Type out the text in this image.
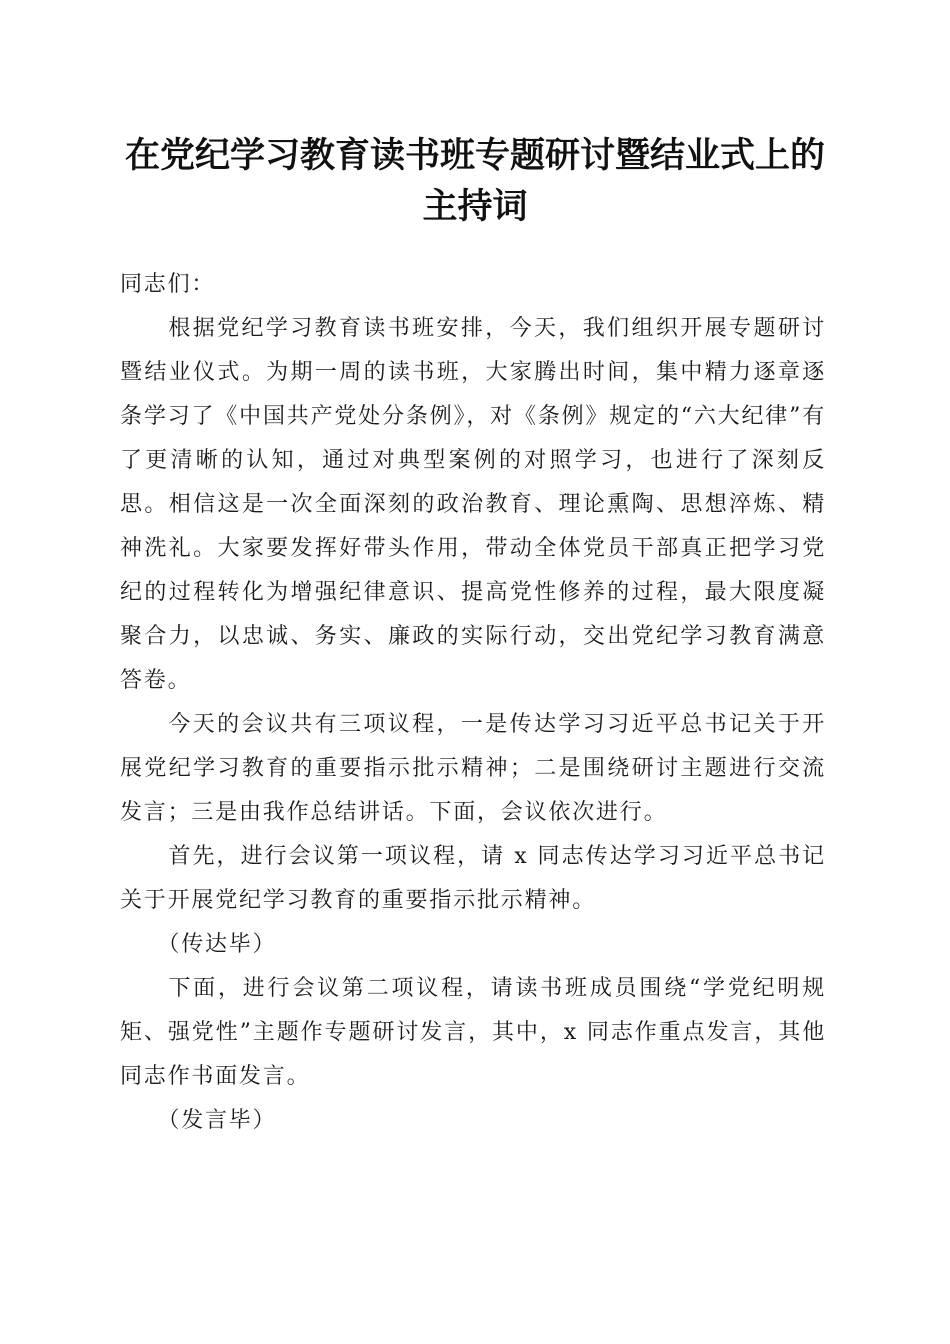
在党纪学习教育读书班专题研讨暨结业式上的
主持词

同志们：

根据党纪学习教育读书班安排，今天，我们组织开展专题研讨暨结业仪式。为期一周的读书班，大家腾出时间，集中精力逐章逐条学习了《中国共产党处分条例》，对《条例》规定的“六大纪律”有了更清晰的认知，通过对典型案例的对照学习，也进行了深刻反思。相信这是一次全面深刻的政治教育、理论熏陶、思想淬炼、精神洗礼。大家要发挥好带头作用，带动全体党员干部真正把学习党纪的过程转化为增强纪律意识、提高党性修养的过程，最大限度凝聚合力，以忠诚、务实、廉政的实际行动，交出党纪学习教育满意答卷。

今天的会议共有三项议程，一是传达学习习近平总书记关于开展党纪学习教育的重要指示批示精神；二是围绕研讨主题进行交流发言；三是由我作总结讲话。下面，会议依次进行。

首先，进行会议第一项议程，请 x 同志传达学习习近平总书记关于开展党纪学习教育的重要指示批示精神。

（传达毕）

下面，进行会议第二项议程，请读书班成员围绕“学党纪明规矩、强党性”主题作专题研讨发言，其中，x 同志作重点发言，其他同志作书面发言。

（发言毕）
